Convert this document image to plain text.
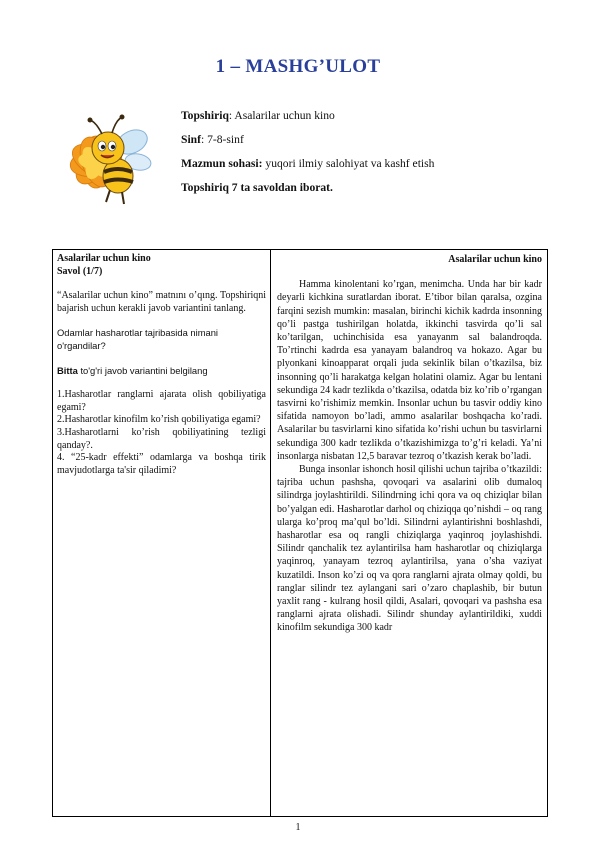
1 – MASHG’ULOT
Topshiriq: Asalarilar uchun kino
Sinf: 7-8-sinf
Mazmun sohasi: yuqori ilmiy salohiyat va kashf etish
Topshiriq 7 ta savoldan iborat.

Asalarilar uchun kino

Savol (1/7)

“Asalarilar uchun kino” matnını o’qıng. Topshiriqni bajarish uchun kerakli javob variantini tanlang.

Odamlar hasharotlar tajribasida nimani o'rgandilar?

Bitta to'g'ri javob variantini belgilang

1.Hasharotlar ranglarni ajarata olish qobiliyatiga egami?

2.Hasharotlar kinofilm ko’rish qobiliyatiga egami?

3.Hasharotlarni ko’rish qobiliyatining tezligi qanday?.

4. “25-kadr effekti” odamlarga va boshqa tirik mavjudotlarga ta'sir qiladimi?

Asalarilar uchun kino

Hamma kinolentani ko’rgan, menimcha. Unda har bir kadr deyarli kichkina suratlardan iborat. E’tibor bilan qaralsa, ozgina farqini sezish mumkin: masalan, birinchi kichik kadrda insonning qo’li pastga tushirilgan holatda, ikkinchi tasvirda qo’li sal ko’tarilgan, uchinchisida esa yanayanm sal balandroqda. To’rtinchi kadrda esa yanayam balandroq va hokazo. Agar bu plyonkani kinoapparat orqali juda sekinlik bilan o’tkazilsa, biz insonning qo’li harakatga kelgan holatini olamiz. Agar bu lentani sekundiga 24 kadr tezlikda o’tkazilsa, odatda biz ko’rib o’rgangan tasvirni ko’rishimiz memkin. Insonlar uchun bu tasvir oddiy kino sifatida namoyon bo’ladi, ammo asalarilar boshqacha ko’radi. Asalarilar bu tasvirlarni kino sifatida ko’rishi uchun bu tasvirlarni sekundiga 300 kadr tezlikda o’tkazishimizga to’g’ri keladi. Ya’ni insonlarga nisbatan 12,5 baravar tezroq o’tkazish kerak bo’ladi.

Bunga insonlar ishonch hosil qilishi uchun tajriba o’tkazildi: tajriba uchun pashsha, qovoqari va asalarini olib dumaloq silindrga joylashtirildi. Silindrning ichi qora va oq chiziqlar bilan bo’yalgan edi. Hasharotlar darhol oq chiziqqa qo’nishdi – oq rang ularga ko’proq ma’qul bo’ldi. Silindrni aylantirishni boshlashdi, hasharotlar esa oq rangli chiziqlarga yaqinroq joylashishdi. Silindr qanchalik tez aylantirilsa ham hasharotlar oq chiziqlarga yaqinroq, yanayam tezroq aylantirilsa, yana o’sha vaziyat kuzatildi. Inson ko’zi oq va qora ranglarni ajrata olmay qoldi, bu ranglar silindr tez aylangani sari o’zaro chaplashib, bir butun yaxlit rang - kulrang hosil qildi, Asalari, qovoqari va pashsha esa ranglarni ajrata olishadi. Silindr shunday aylantirildiki, xuddi kinofilm sekundiga 300 kadr

1
